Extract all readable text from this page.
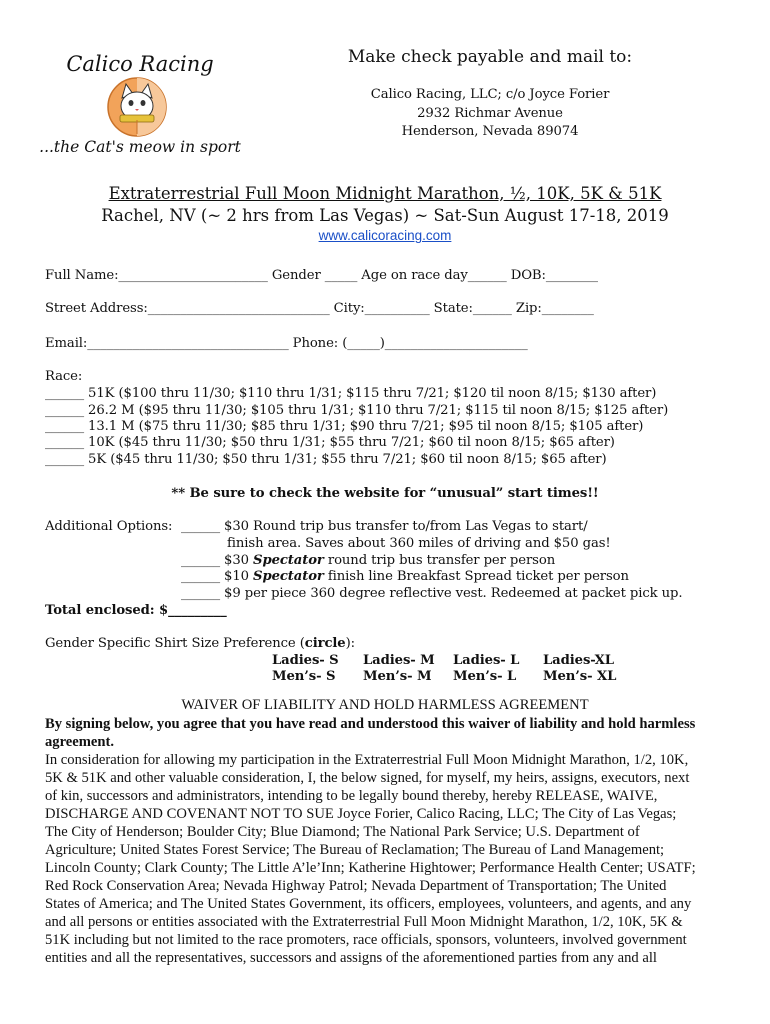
Calico Racing
...the Cat's meow in sport
Make check payable and mail to:
Calico Racing, LLC; c/o Joyce Forier
2932 Richmar Avenue
Henderson, Nevada 89074
Extraterrestrial Full Moon Midnight Marathon, ½, 10K, 5K & 51K
Rachel, NV (~ 2 hrs from Las Vegas) ~ Sat-Sun August 17-18, 2019
www.calicoracing.com
Full Name:_______________________ Gender _____ Age on race day______ DOB:________
Street Address:____________________________ City:__________ State:______ Zip:________
Email:_______________________________ Phone: (_____)______________________
Race:
______ 51K ($100 thru 11/30; $110 thru 1/31; $115 thru 7/21; $120 til noon 8/15; $130 after)
______ 26.2 M ($95 thru 11/30; $105 thru 1/31; $110 thru 7/21; $115 til noon 8/15; $125 after)
______ 13.1 M ($75 thru 11/30; $85 thru 1/31; $90 thru 7/21; $95 til noon 8/15; $105 after)
______ 10K ($45 thru 11/30; $50 thru 1/31; $55 thru 7/21; $60 til noon 8/15; $65 after)
______ 5K ($45 thru 11/30; $50 thru 1/31; $55 thru 7/21; $60 til noon 8/15; $65 after)
** Be sure to check the website for “unusual” start times!!
Additional Options: ______ $30 Round trip bus transfer to/from Las Vegas to start/
finish area. Saves about 360 miles of driving and $50 gas!
______ $30 Spectator round trip bus transfer per person
______ $10 Spectator finish line Breakfast Spread ticket per person
______ $9 per piece 360 degree reflective vest. Redeemed at packet pick up.
Total enclosed: $_________
Gender Specific Shirt Size Preference (circle):
Ladies- S Ladies- M Ladies- L Ladies-XL
Men’s- S Men’s- M Men’s- L Men’s- XL
WAIVER OF LIABILITY AND HOLD HARMLESS AGREEMENT
By signing below, you agree that you have read and understood this waiver of liability and hold harmless
agreement.
In consideration for allowing my participation in the Extraterrestrial Full Moon Midnight Marathon, 1/2, 10K,
5K & 51K and other valuable consideration, I, the below signed, for myself, my heirs, assigns, executors, next
of kin, successors and administrators, intending to be legally bound thereby, hereby RELEASE, WAIVE,
DISCHARGE AND COVENANT NOT TO SUE Joyce Forier, Calico Racing, LLC; The City of Las Vegas;
The City of Henderson; Boulder City; Blue Diamond; The National Park Service; U.S. Department of
Agriculture; United States Forest Service; The Bureau of Reclamation; The Bureau of Land Management;
Lincoln County; Clark County; The Little A’le’Inn; Katherine Hightower; Performance Health Center; USATF;
Red Rock Conservation Area; Nevada Highway Patrol; Nevada Department of Transportation; The United
States of America; and The United States Government, its officers, employees, volunteers, and agents, and any
and all persons or entities associated with the Extraterrestrial Full Moon Midnight Marathon, 1/2, 10K, 5K &
51K including but not limited to the race promoters, race officials, sponsors, volunteers, involved government
entities and all the representatives, successors and assigns of the aforementioned parties from any and all
